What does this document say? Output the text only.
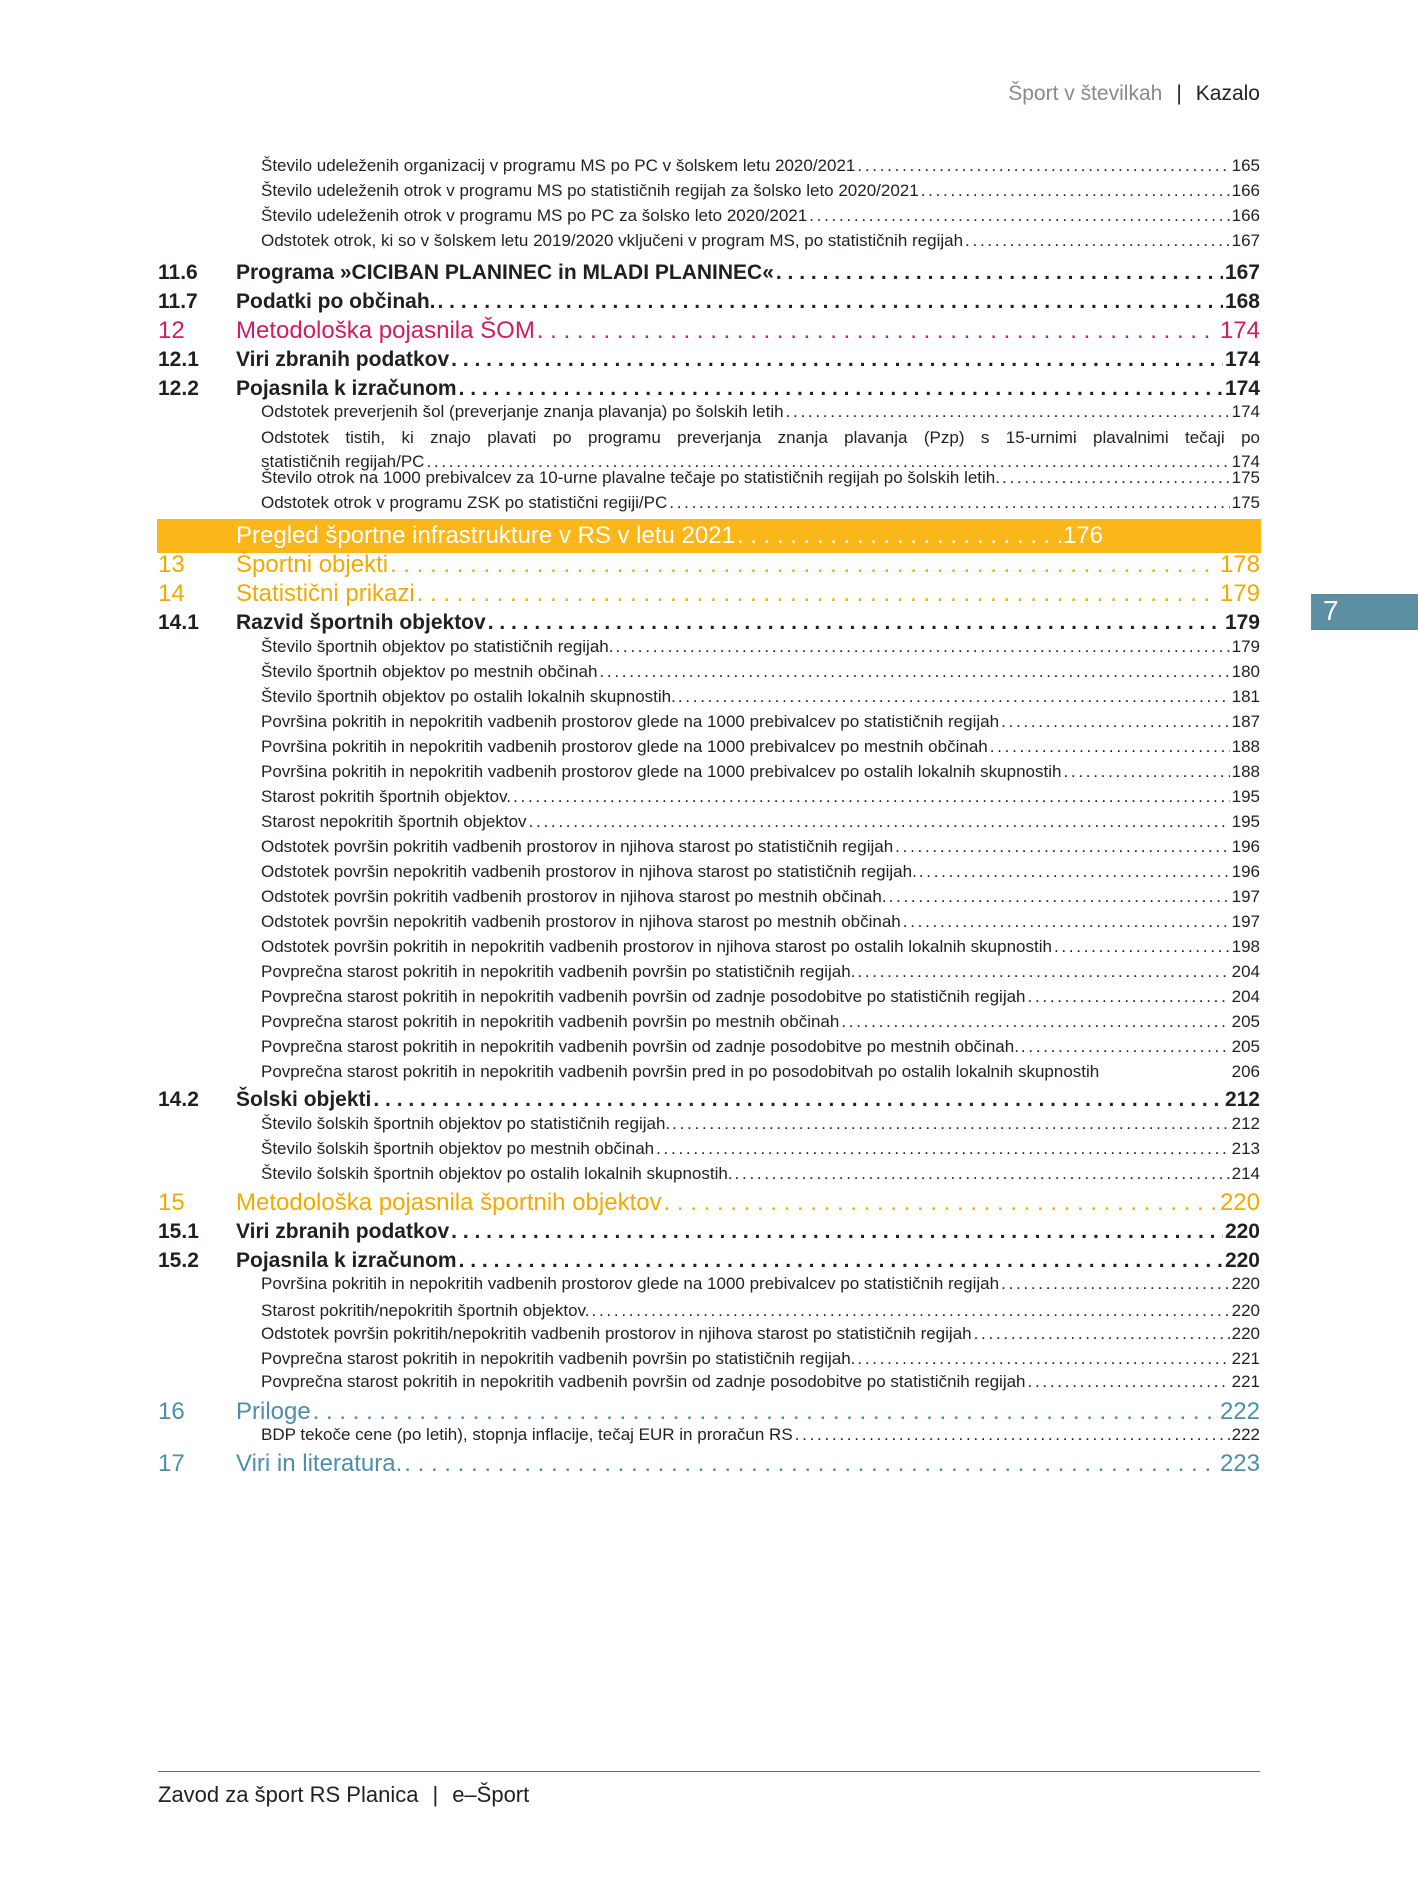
Šport v številkah | Kazalo
Število udeleženih organizacij v programu MS po PC v šolskem letu 2020/2021 . . .	165
Število udeleženih otrok v programu MS po statističnih regijah za šolsko leto 2020/2021 . . .	166
Število udeleženih otrok v programu MS po PC za šolsko leto 2020/2021 . . .	166
Odstotek otrok, ki so v šolskem letu 2019/2020 vključeni v program MS, po statističnih regijah . . .	167
11.6 Programa »CICIBAN PLANINEC in MLADI PLANINEC« . . .	167
11.7 Podatki po občinah. . . .	168
12 Metodološka pojasnila ŠOM . . .	174
12.1 Viri zbranih podatkov . . .	174
12.2 Pojasnila k izračunom . . .	174
Odstotek preverjenih šol (preverjanje znanja plavanja) po šolskih letih . . .	174
Odstotek tistih, ki znajo plavati po programu preverjanja znanja plavanja (Pzp) s 15-urnimi plavalnimi tečaji po
statističnih regijah/PC . . .	174
Število otrok na 1000 prebivalcev za 10-urne plavalne tečaje po statističnih regijah po šolskih letih. . . .	175
Odstotek otrok v programu ZSK po statistični regiji/PC . . .	175
Pregled športne infrastrukture v RS v letu 2021 . . .	176
13 Športni objekti . . .	178
14 Statistični prikazi . . .	179
14.1 Razvid športnih objektov . . .	179
Število športnih objektov po statističnih regijah. . . .	179
Število športnih objektov po mestnih občinah . . .	180
Število športnih objektov po ostalih lokalnih skupnostih. . . .	181
Površina pokritih in nepokritih vadbenih prostorov glede na 1000 prebivalcev po statističnih regijah . . .	187
Površina pokritih in nepokritih vadbenih prostorov glede na 1000 prebivalcev po mestnih občinah . . .	188
Površina pokritih in nepokritih vadbenih prostorov glede na 1000 prebivalcev po ostalih lokalnih skupnostih . . .	188
Starost pokritih športnih objektov. . . .	195
Starost nepokritih športnih objektov . . .	195
Odstotek površin pokritih vadbenih prostorov in njihova starost po statističnih regijah . . .	196
Odstotek površin nepokritih vadbenih prostorov in njihova starost po statističnih regijah. . . .	196
Odstotek površin pokritih vadbenih prostorov in njihova starost po mestnih občinah. . . .	197
Odstotek površin nepokritih vadbenih prostorov in njihova starost po mestnih občinah . . .	197
Odstotek površin pokritih in nepokritih vadbenih prostorov in njihova starost po ostalih lokalnih skupnostih . . .	198
Povprečna starost pokritih in nepokritih vadbenih površin po statističnih regijah. . . .	204
Povprečna starost pokritih in nepokritih vadbenih površin od zadnje posodobitve po statističnih regijah . . .	204
Povprečna starost pokritih in nepokritih vadbenih površin po mestnih občinah . . .	205
Povprečna starost pokritih in nepokritih vadbenih površin od zadnje posodobitve po mestnih občinah. . . .	205
Povprečna starost pokritih in nepokritih vadbenih površin pred in po posodobitvah po ostalih lokalnih skupnostih	206
14.2 Šolski objekti . . .	212
Število šolskih športnih objektov po statističnih regijah. . . .	212
Število šolskih športnih objektov po mestnih občinah . . .	213
Število šolskih športnih objektov po ostalih lokalnih skupnostih. . . .	214
15 Metodološka pojasnila športnih objektov . . .	220
15.1 Viri zbranih podatkov . . .	220
15.2 Pojasnila k izračunom . . .	220
Površina pokritih in nepokritih vadbenih prostorov glede na 1000 prebivalcev po statističnih regijah . . .	220
Starost pokritih/nepokritih športnih objektov. . . .	220
Odstotek površin pokritih/nepokritih vadbenih prostorov in njihova starost po statističnih regijah . . .	220
Povprečna starost pokritih in nepokritih vadbenih površin po statističnih regijah. . . .	221
Povprečna starost pokritih in nepokritih vadbenih površin od zadnje posodobitve po statističnih regijah . . .	221
16 Priloge . . .	222
BDP tekoče cene (po letih), stopnja inflacije, tečaj EUR in proračun RS . . .	222
17 Viri in literatura. . . .	223
7
Zavod za šport RS Planica | e–Šport
